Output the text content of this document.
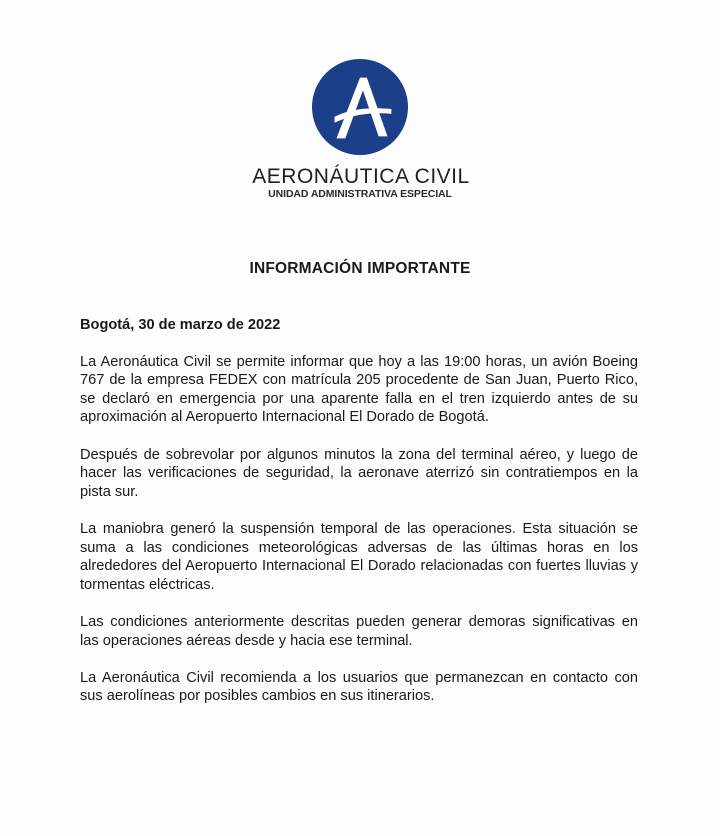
AERONÁUTICA CIVIL
UNIDAD ADMINISTRATIVA ESPECIAL
INFORMACIÓN IMPORTANTE

Bogotá, 30 de marzo de 2022

La Aeronáutica Civil se permite informar que hoy a las 19:00 horas, un avión Boeing 767 de la empresa FEDEX con matrícula 205 procedente de San Juan, Puerto Rico, se declaró en emergencia por una aparente falla en el tren izquierdo antes de su aproximación al Aeropuerto Internacional El Dorado de Bogotá.

Después de sobrevolar por algunos minutos la zona del terminal aéreo, y luego de hacer las verificaciones de seguridad, la aeronave aterrizó sin contratiempos en la pista sur.

La maniobra generó la suspensión temporal de las operaciones. Esta situación se suma a las condiciones meteorológicas adversas de las últimas horas en los alrededores del Aeropuerto Internacional El Dorado relacionadas con fuertes lluvias y tormentas eléctricas.

Las condiciones anteriormente descritas pueden generar demoras significativas en las operaciones aéreas desde y hacia ese terminal.

La Aeronáutica Civil recomienda a los usuarios que permanezcan en contacto con sus aerolíneas por posibles cambios en sus itinerarios.
